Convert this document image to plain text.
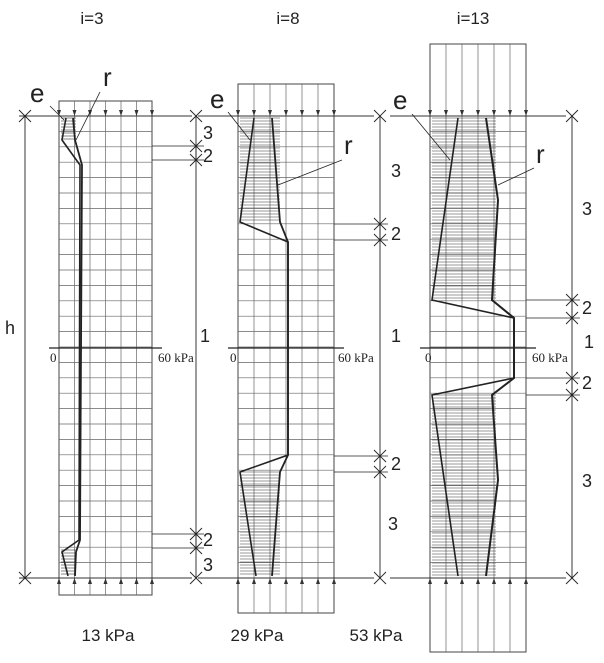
i=3	i=8	i=13
e
r
e
r
e
r
h
0	60 kPa	0	60 kPa	0	60 kPa
1	1	1
3
2
2
3
3
2
2
3
3
2
2
3
13 kPa	29 kPa	53 kPa
